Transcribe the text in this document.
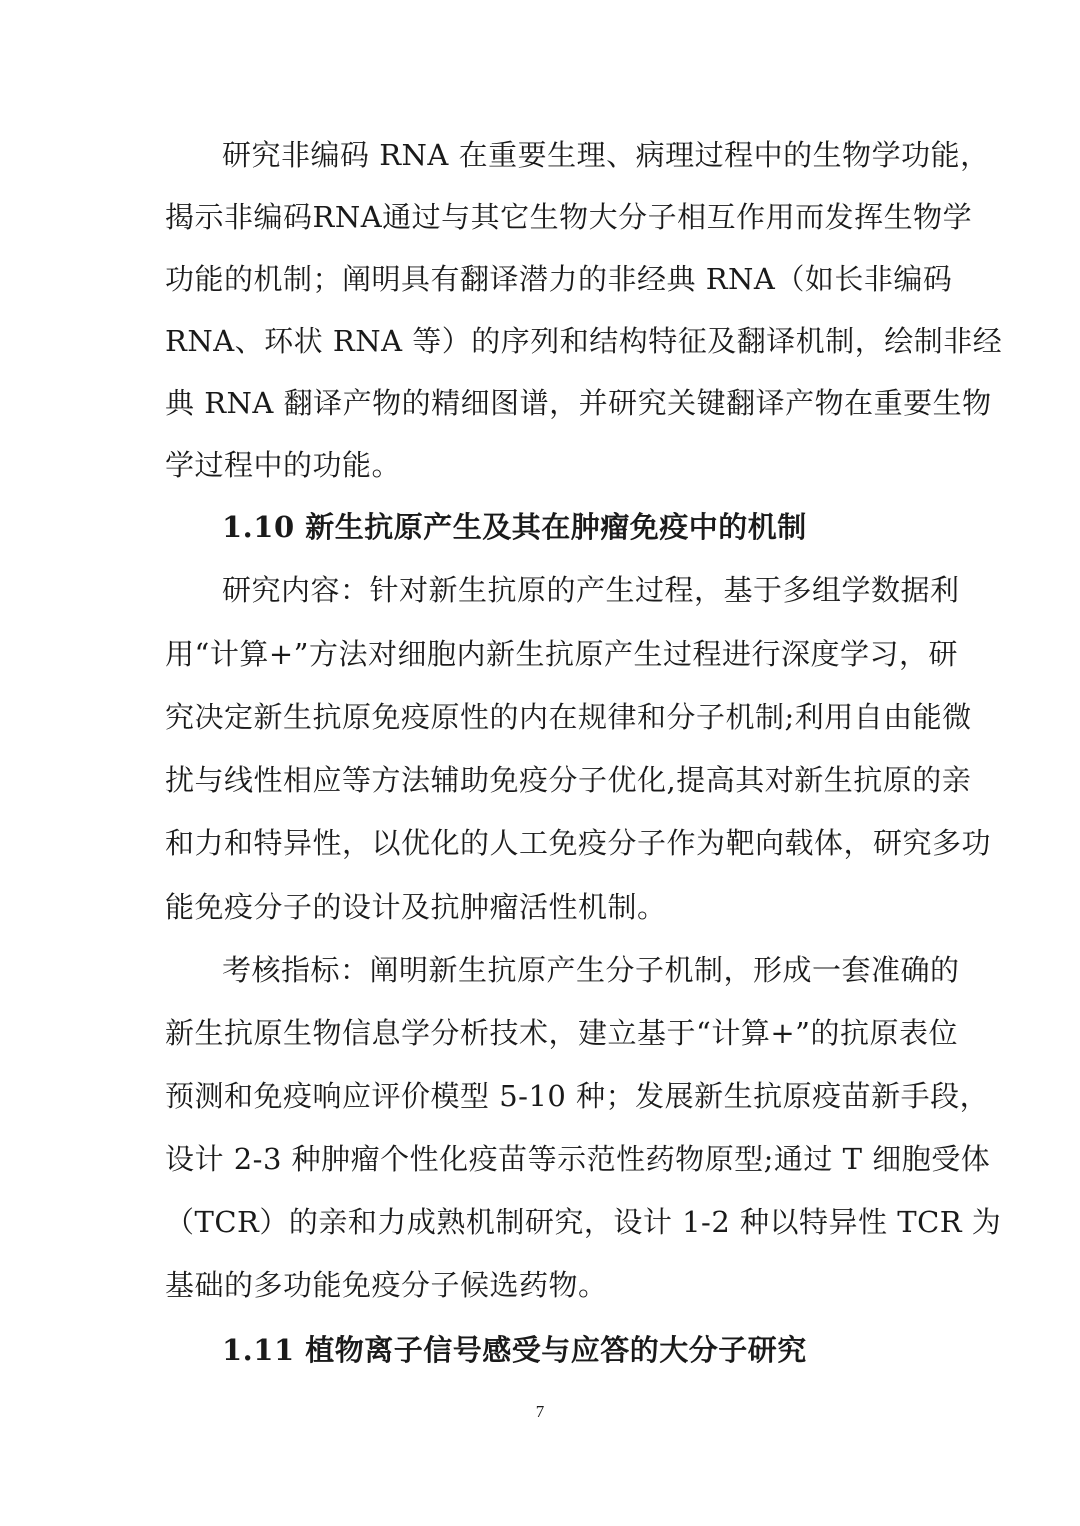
研究非编码 RNA 在重要生理、病理过程中的生物学功能，
揭示非编码RNA通过与其它生物大分子相互作用而发挥生物学
功能的机制；阐明具有翻译潜力的非经典 RNA（如长非编码
RNA、环状 RNA 等）的序列和结构特征及翻译机制，绘制非经
典 RNA 翻译产物的精细图谱，并研究关键翻译产物在重要生物
学过程中的功能。
1.10 新生抗原产生及其在肿瘤免疫中的机制
研究内容：针对新生抗原的产生过程，基于多组学数据利
用“计算+”方法对细胞内新生抗原产生过程进行深度学习，研
究决定新生抗原免疫原性的内在规律和分子机制;利用自由能微
扰与线性相应等方法辅助免疫分子优化,提高其对新生抗原的亲
和力和特异性，以优化的人工免疫分子作为靶向载体，研究多功
能免疫分子的设计及抗肿瘤活性机制。
考核指标：阐明新生抗原产生分子机制，形成一套准确的
新生抗原生物信息学分析技术，建立基于“计算+”的抗原表位
预测和免疫响应评价模型 5-10 种；发展新生抗原疫苗新手段，
设计 2-3 种肿瘤个性化疫苗等示范性药物原型;通过 T 细胞受体
（TCR）的亲和力成熟机制研究，设计 1-2 种以特异性 TCR 为
基础的多功能免疫分子候选药物。
1.11 植物离子信号感受与应答的大分子研究
7
